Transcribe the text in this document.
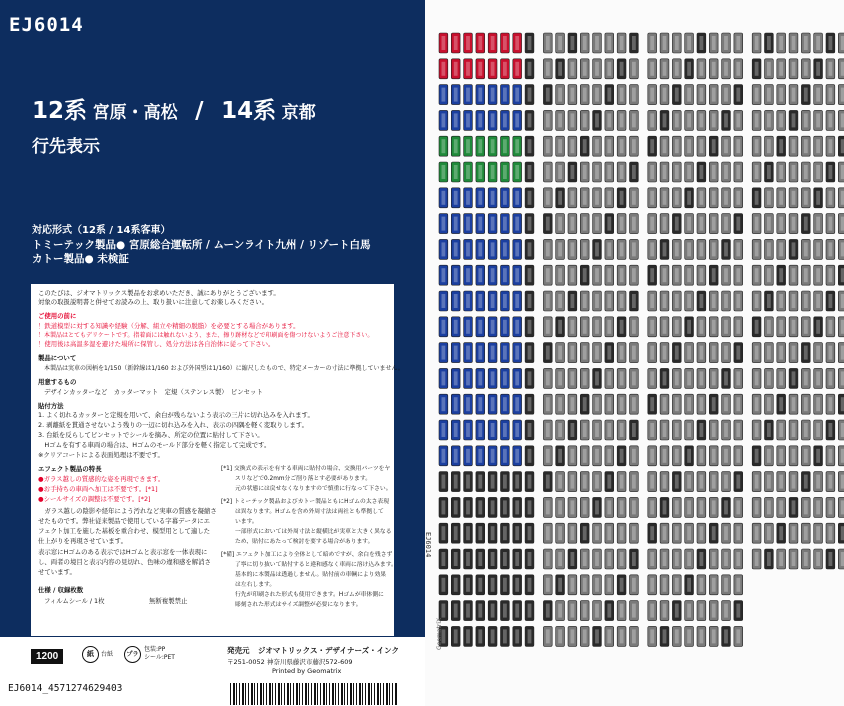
EJ6014
12系 宮原・高松 / 14系 京都
行先表示
対応形式（12系 / 14系客車）
トミーテック製品● 宮原総合運転所 / ムーンライト九州 / リゾート白馬
カトー製品● 未検証
このたびは、ジオマトリックス製品をお求めいただき、誠にありがとうございます。
対象の取扱説明書と併せてお読みの上、取り扱いに注意してお楽しみください。
ご使用の前に
！鉄道模型に対する知識や経験（分解、組立や精細の脱脂）を必要とする場合があります。
！本製品はとてもデリケートです。指着面には触れないよう、また、擦り跡材などで印刷面を傷つけないようご注意下さい。
！使用後は高温多湿を避けた場所に保管し、処分方法は各自治体に従って下さい。
製品について
本製品は実車の図柄を1/150（新幹線は1/160 および外国型は1/160）に縮尺したもので、特定メーカーの寸法に準拠していません。
用意するもの
デザインカッターなど　カッターマット　定規（ステンレス製）　ピンセット
貼付方法
1. よく切れるカッターと定規を用いて、余白が残らないよう表示の三片に切れ込みを入れます。
2. 剥離紙を貫通させないよう残りの一辺に切れ込みを入れ、表示の四隅を軽く変取りします。
3. 台紙を反らしてピンセットでシールを摘み、所定の位置に貼付して下さい。
　Hゴムを有する車両の場合は、Hゴムのモールド部分を軽く指定して完成です。
※クリアコートによる表面処理は不要です。
エフェクト製品の特長
●ガラス越しの質感的な姿を再現できます。
●お手持ちの車両へ加工は不要です。[*1]
●シールサイズの調整は不要です。[*2]
　ガラス越しの陰影や経年によう汚れなど実車の質感を凝縮さ
せたものです。弊社従来製品で使用している字幕データにエ
フェクト加工を施した基板を重合わせ、模型用として適した
仕上がりを再現させています。
表示窓にHゴムのある表示ではHゴムと表示窓を一体表現に
し、両者の境目と表示内容の見切れ、色味の違和感を解消さ
せています。
[*1] 交換式の表示を有する車両に貼付の場合、交換用パーツをヤ
スリなどで0.2mm分ご削り落とす必要があります。
元の状態には戻せなくなりますので慎重に行なって下さい。
[*2] トミーテック製品およびカトー製品ともにHゴムの太さ表現
は異なります。Hゴムを含め外周寸法は両社とも準拠して
います。
一部形式においては外周寸法と縦横比が実車と大きく異なる
ため、貼付にあたって検討を要する場合があります。
[*備] エフェクト加工により全体として暗めですが、余白を残さず
了寧に切り抜いて貼付すると違和感なく車両に溶け込みます。
基本的に本製品は透過しません。貼付前の車輌により効果
は左右します。
行先が印刷された形式も使用できます。Hゴムが車体側に
彫刻された形式はサイズ調整が必要になります。
仕様 / 収録枚数
フィルムシール / 1枚	無断複製禁止
1200	紙	台紙	プラ
包装:PP
シール:PET
発売元 ジオマトリックス・デザイナーズ・インク
〒251-0052 神奈川県藤沢市藤沢572-609
Printed by Geomatrix
EJ6014_4571274629403
EJ6014
GeomatriX
